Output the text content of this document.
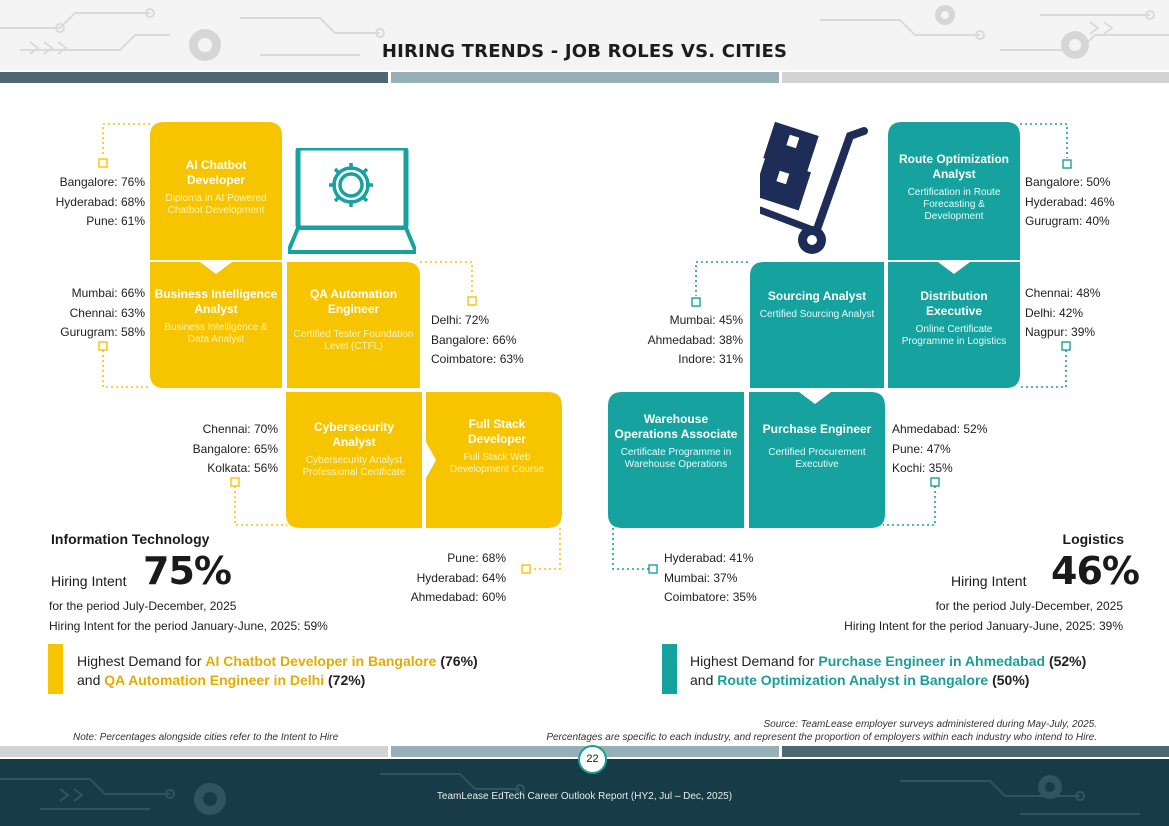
HIRING TRENDS - JOB ROLES VS. CITIES
AI Chatbot Developer
Diploma in AI Powered Chatbot Development
Business Intelligence Analyst
Business Intelligence & Data Analyst
QA Automation Engineer
Certified Tester Foundation Level (CTFL)
Cybersecurity Analyst
Cybersecurity Analyst Professional Certificate
Full Stack Developer
Full Stack Web Development Course
Bangalore: 76%
Hyderabad: 68%
Pune: 61%
Mumbai: 66%
Chennai: 63%
Gurugram: 58%
Delhi: 72%
Bangalore: 66%
Coimbatore: 63%
Chennai: 70%
Bangalore: 65%
Kolkata: 56%
Pune: 68%
Hyderabad: 64%
Ahmedabad: 60%
Route Optimization Analyst
Certification in Route Forecasting & Development
Sourcing Analyst
Certified Sourcing Analyst
Distribution Executive
Online Certificate Programme in Logistics
Warehouse Operations Associate
Certificate Programme in Warehouse Operations
Purchase Engineer
Certified Procurement Executive
Bangalore: 50%
Hyderabad: 46%
Gurugram: 40%
Mumbai: 45%
Ahmedabad: 38%
Indore: 31%
Chennai: 48%
Delhi: 42%
Nagpur: 39%
Hyderabad: 41%
Mumbai: 37%
Coimbatore: 35%
Ahmedabad: 52%
Pune: 47%
Kochi: 35%
Information Technology
Hiring Intent 75%
for the period July-December, 2025
Hiring Intent for the period January-June, 2025: 59%
Highest Demand for AI Chatbot Developer in Bangalore (76%)
and QA Automation Engineer in Delhi (72%)
Logistics
Hiring Intent 46%
for the period July-December, 2025
Hiring Intent for the period January-June, 2025: 39%
Highest Demand for Purchase Engineer in Ahmedabad (52%)
and Route Optimization Analyst in Bangalore (50%)
Note: Percentages alongside cities refer to the Intent to Hire
Source: TeamLease employer surveys administered during May-July, 2025.
Percentages are specific to each industry, and represent the proportion of employers within each industry who intend to Hire.
TeamLease EdTech Career Outlook Report (HY2, Jul – Dec, 2025)
22
